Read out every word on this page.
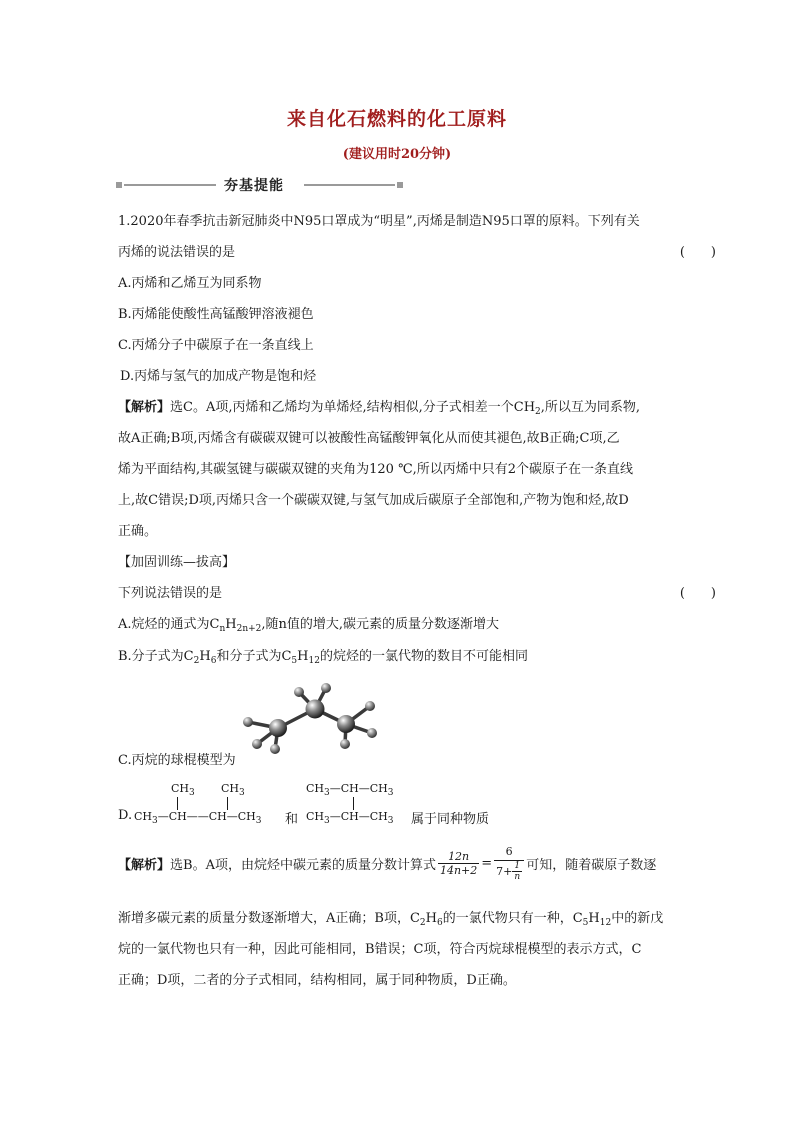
来自化石燃料的化工原料
(建议用时20分钟)
夯基提能
1.2020年春季抗击新冠肺炎中N95口罩成为“明星”,丙烯是制造N95口罩的原料。下列有关
丙烯的说法错误的是	(　　)
A.丙烯和乙烯互为同系物
B.丙烯能使酸性高锰酸钾溶液褪色
C.丙烯分子中碳原子在一条直线上
D.丙烯与氢气的加成产物是饱和烃
【解析】选C。A项,丙烯和乙烯均为单烯烃,结构相似,分子式相差一个$CH_2$,所以互为同系物,
故A正确;B项,丙烯含有碳碳双键可以被酸性高锰酸钾氧化从而使其褪色,故B正确;C项,乙
烯为平面结构,其碳氢键与碳碳双键的夹角为120 ℃,所以丙烯中只有2个碳原子在一条直线
上,故C错误;D项,丙烯只含一个碳碳双键,与氢气加成后碳原子全部饱和,产物为饱和烃,故D
正确。
【加固训练—拔高】
下列说法错误的是	(　　)
A.烷烃的通式为$C_nH_{2n+2}$,随n值的增大,碳元素的质量分数逐渐增大
B.分子式为$C_2H_6$和分子式为$C_5H_{12}$的烷烃的一氯代物的数目不可能相同
C.丙烷的球棍模型为
D.
$CH_3$ $CH_3$
$CH_3—CH——CH—CH_3$ 和
$CH_3—CH—CH_3$
$CH_3—CH—CH_3$ 属于同种物质
【解析】 选B。A项，由烷烃中碳元素的质量分数计算式 $\frac{12n}{14n+2} = \frac{6}{7+ \frac{1}{n}}$ 可知，随着碳原子数逐
渐增多碳元素的质量分数逐渐增大，A正确；B项，$C_2H_6$的一氯代物只有一种，$C_5H_{12}$中的新戊
烷的一氯代物也只有一种，因此可能相同，B错误；C项，符合丙烷球棍模型的表示方式，C
正确；D项，二者的分子式相同，结构相同，属于同种物质，D正确。
